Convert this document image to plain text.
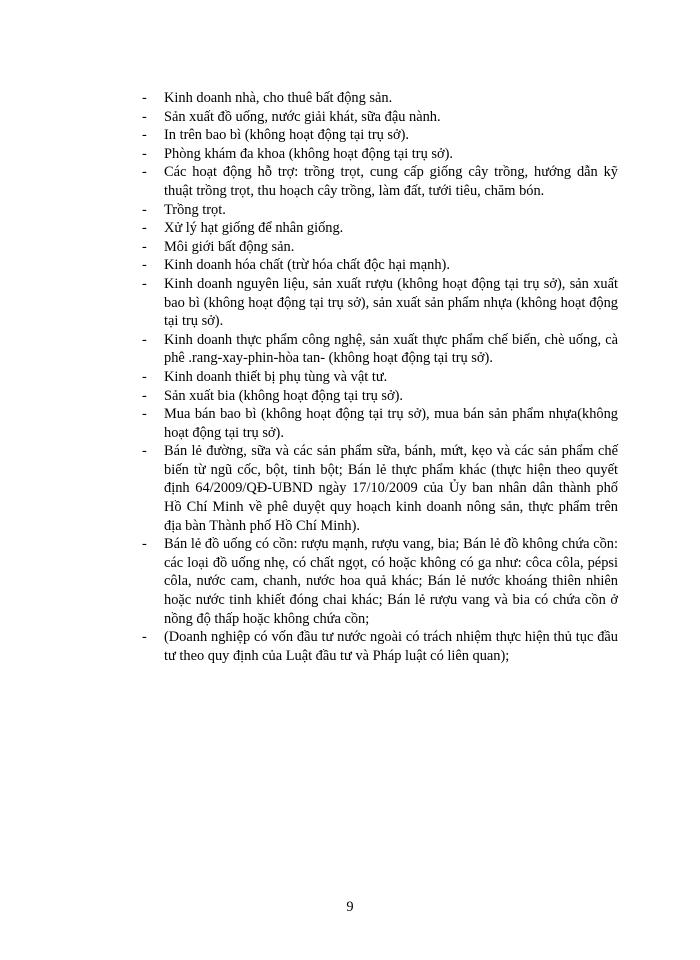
-	Kinh doanh nhà, cho thuê bất động sản.
-	Sản xuất đồ uống, nước giải khát, sữa đậu nành.
-	In trên bao bì (không hoạt động tại trụ sở).
-	Phòng khám đa khoa (không hoạt động tại trụ sở).
-	Các hoạt động hỗ trợ: trồng trọt, cung cấp giống cây trồng, hướng dẫn kỹ thuật trồng trọt, thu hoạch cây trồng, làm đất, tưới tiêu, chăm bón.
-	Trồng trọt.
-	Xử lý hạt giống để nhân giống.
-	Môi giới bất động sản.
-	Kinh doanh hóa chất (trừ hóa chất độc hại mạnh).
-	Kinh doanh nguyên liệu, sản xuất rượu (không hoạt động tại trụ sở), sản xuất bao bì (không hoạt động tại trụ sở), sản xuất sản phẩm nhựa (không hoạt động tại trụ sở).
-	Kinh doanh thực phẩm công nghệ, sản xuất thực phẩm chế biến, chè uống, cà phê .rang-xay-phin-hòa tan- (không hoạt động tại trụ sở).
-	Kinh doanh thiết bị phụ tùng và vật tư.
-	Sản xuất bia (không hoạt động tại trụ sở).
-	Mua bán bao bì (không hoạt động tại trụ sở), mua bán sản phẩm nhựa(không hoạt động tại trụ sở).
-	Bán lẻ đường, sữa và các sản phẩm sữa, bánh, mứt, kẹo và các sản phẩm chế biến từ ngũ cốc, bột, tinh bột; Bán lẻ thực phẩm khác (thực hiện theo quyết định 64/2009/QĐ-UBND ngày 17/10/2009 của Ủy ban nhân dân thành phố Hồ Chí Minh về phê duyệt quy hoạch kinh doanh nông sản, thực phẩm trên địa bàn Thành phố Hồ Chí Minh).
-	Bán lẻ đồ uống có cồn: rượu mạnh, rượu vang, bia; Bán lẻ đồ không chứa cồn: các loại đồ uống nhẹ, có chất ngọt, có hoặc không có ga như: côca côla, pépsi côla, nước cam, chanh, nước hoa quả khác; Bán lẻ nước khoáng thiên nhiên hoặc nước tinh khiết đóng chai khác; Bán lẻ rượu vang và bia có chứa cồn ở nồng độ thấp hoặc không chứa cồn;
-	(Doanh nghiệp có vốn đầu tư nước ngoài có trách nhiệm thực hiện thủ tục đầu tư theo quy định của Luật đầu tư và Pháp luật có liên quan);
9
